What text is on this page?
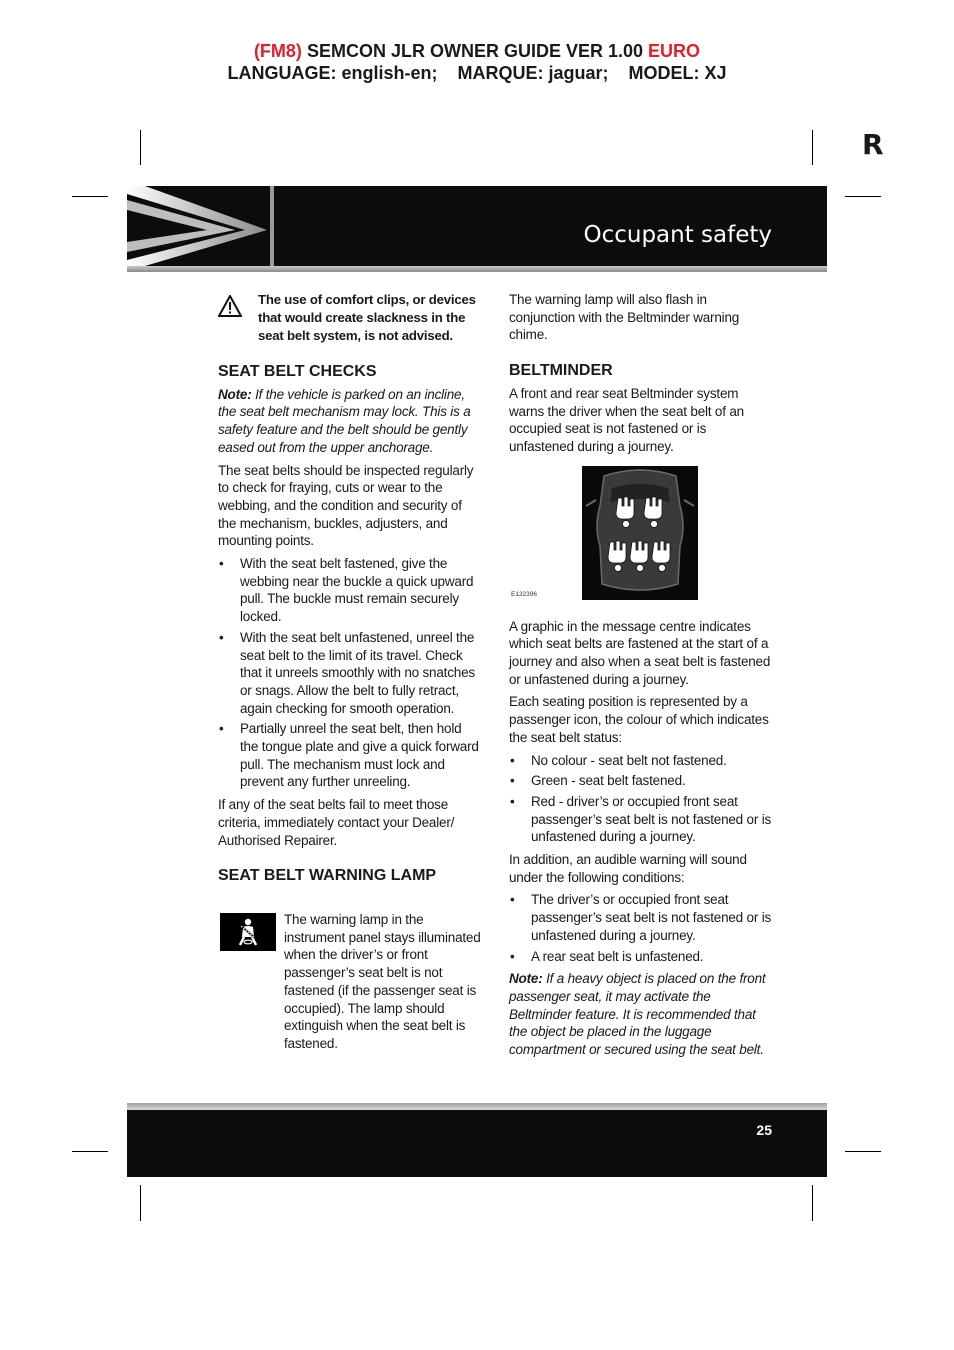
(FM8) SEMCON JLR OWNER GUIDE VER 1.00 EURO
LANGUAGE: english-en;    MARQUE: jaguar;    MODEL: XJ
R
Occupant safety
The use of comfort clips, or devices that would create slackness in the seat belt system, is not advised.
SEAT BELT CHECKS

Note: If the vehicle is parked on an incline, the seat belt mechanism may lock. This is a safety feature and the belt should be gently eased out from the upper anchorage.

The seat belts should be inspected regularly to check for fraying, cuts or wear to the webbing, and the condition and security of the mechanism, buckles, adjusters, and mounting points.

• With the seat belt fastened, give the webbing near the buckle a quick upward pull. The buckle must remain securely locked.
• With the seat belt unfastened, unreel the seat belt to the limit of its travel. Check that it unreels smoothly with no snatches or snags. Allow the belt to fully retract, again checking for smooth operation.
• Partially unreel the seat belt, then hold the tongue plate and give a quick forward pull. The mechanism must lock and prevent any further unreeling.

If any of the seat belts fail to meet those criteria, immediately contact your Dealer/ Authorised Repairer.

SEAT BELT WARNING LAMP

The warning lamp in the instrument panel stays illuminated when the driver’s or front passenger’s seat belt is not fastened (if the passenger seat is occupied). The lamp should extinguish when the seat belt is fastened.

The warning lamp will also flash in conjunction with the Beltminder warning chime.

BELTMINDER

A front and rear seat Beltminder system warns the driver when the seat belt of an occupied seat is not fastened or is unfastened during a journey.

E132396

A graphic in the message centre indicates which seat belts are fastened at the start of a journey and also when a seat belt is fastened or unfastened during a journey.

Each seating position is represented by a passenger icon, the colour of which indicates the seat belt status:

• No colour - seat belt not fastened.
• Green - seat belt fastened.
• Red - driver’s or occupied front seat passenger’s seat belt is not fastened or is unfastened during a journey.

In addition, an audible warning will sound under the following conditions:

• The driver’s or occupied front seat passenger’s seat belt is not fastened or is unfastened during a journey.
• A rear seat belt is unfastened.

Note: If a heavy object is placed on the front passenger seat, it may activate the Beltminder feature. It is recommended that the object be placed in the luggage compartment or secured using the seat belt.

25
